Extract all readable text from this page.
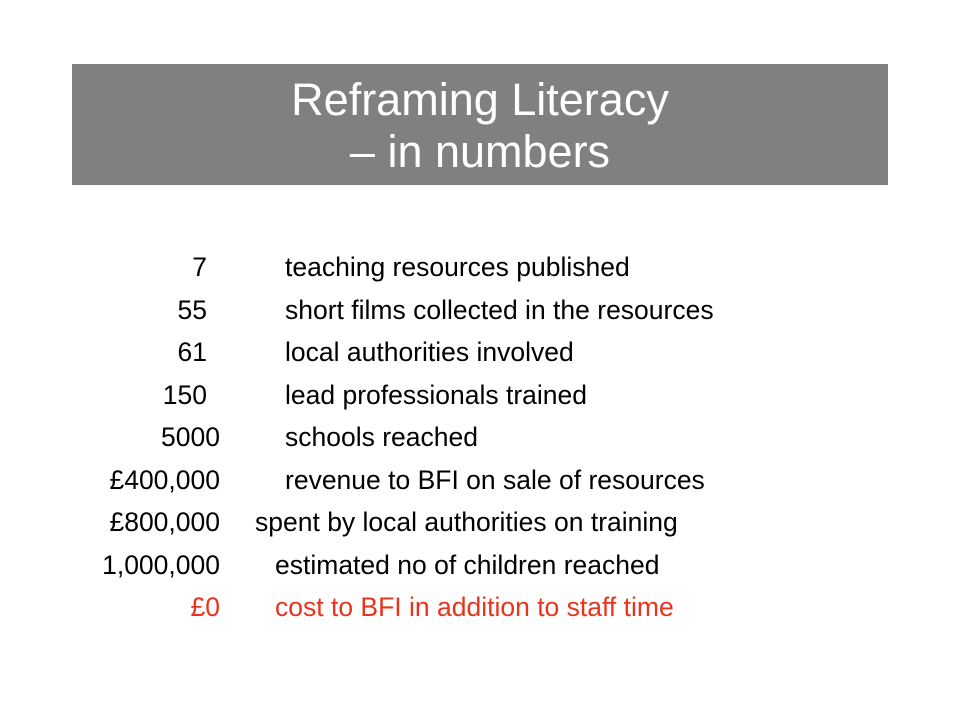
Reframing Literacy
– in numbers
7	teaching resources published
55	short films collected in the resources
61	local authorities involved
150	lead professionals trained
5000 schools reached
£400,000 revenue to BFI on sale of resources
£800,000 spent by local authorities on training
1,000,000 estimated no of children reached
£0 cost to BFI in addition to staff time
